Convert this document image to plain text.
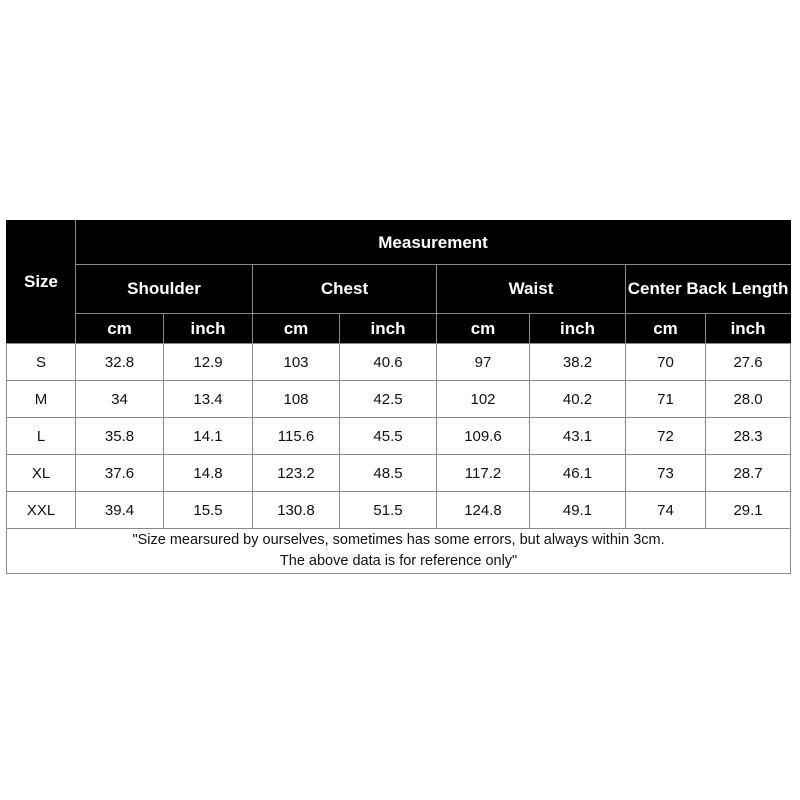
Size	Measurement							
	Shoulder		Chest		Waist		Center Back Length	
	cm	inch	cm	inch	cm	inch	cm	inch
S	32.8	12.9	103	40.6	97	38.2	70	27.6
M	34	13.4	108	42.5	102	40.2	71	28.0
L	35.8	14.1	115.6	45.5	109.6	43.1	72	28.3
XL	37.6	14.8	123.2	48.5	117.2	46.1	73	28.7
XXL	39.4	15.5	130.8	51.5	124.8	49.1	74	29.1

"Size mearsured by ourselves, sometimes has some errors, but always within 3cm.
The above data is for reference only"								
